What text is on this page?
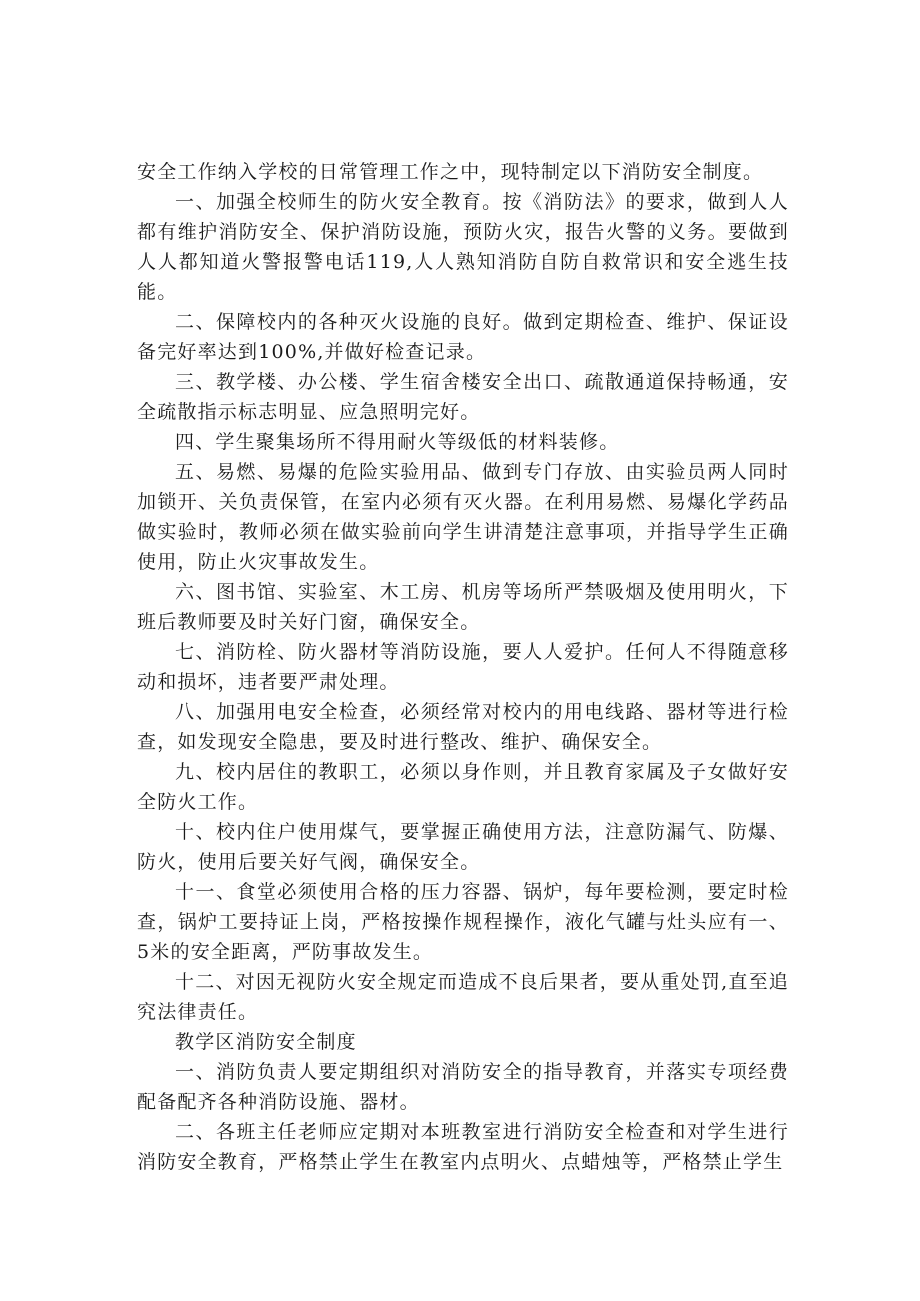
安全工作纳入学校的日常管理工作之中，现特制定以下消防安全制度。

一、加强全校师生的防火安全教育。按《消防法》的要求，做到人人都有维护消防安全、保护消防设施，预防火灾，报告火警的义务。要做到人人都知道火警报警电话119,人人熟知消防自防自救常识和安全逃生技能。

二、保障校内的各种灭火设施的良好。做到定期检查、维护、保证设备完好率达到100%,并做好检查记录。

三、教学楼、办公楼、学生宿舍楼安全出口、疏散通道保持畅通，安全疏散指示标志明显、应急照明完好。

四、学生聚集场所不得用耐火等级低的材料装修。

五、易燃、易爆的危险实验用品、做到专门存放、由实验员两人同时加锁开、关负责保管，在室内必须有灭火器。在利用易燃、易爆化学药品做实验时，教师必须在做实验前向学生讲清楚注意事项，并指导学生正确使用，防止火灾事故发生。

六、图书馆、实验室、木工房、机房等场所严禁吸烟及使用明火，下班后教师要及时关好门窗，确保安全。

七、消防栓、防火器材等消防设施，要人人爱护。任何人不得随意移动和损坏，违者要严肃处理。

八、加强用电安全检查，必须经常对校内的用电线路、器材等进行检查，如发现安全隐患，要及时进行整改、维护、确保安全。

九、校内居住的教职工，必须以身作则，并且教育家属及子女做好安全防火工作。

十、校内住户使用煤气，要掌握正确使用方法，注意防漏气、防爆、防火，使用后要关好气阀，确保安全。

十一、食堂必须使用合格的压力容器、锅炉，每年要检测，要定时检查，锅炉工要持证上岗，严格按操作规程操作，液化气罐与灶头应有一、5米的安全距离，严防事故发生。

十二、对因无视防火安全规定而造成不良后果者，要从重处罚,直至追究法律责任。

教学区消防安全制度

一、消防负责人要定期组织对消防安全的指导教育，并落实专项经费配备配齐各种消防设施、器材。

二、各班主任老师应定期对本班教室进行消防安全检查和对学生进行消防安全教育，严格禁止学生在教室内点明火、点蜡烛等，严格禁止学生
